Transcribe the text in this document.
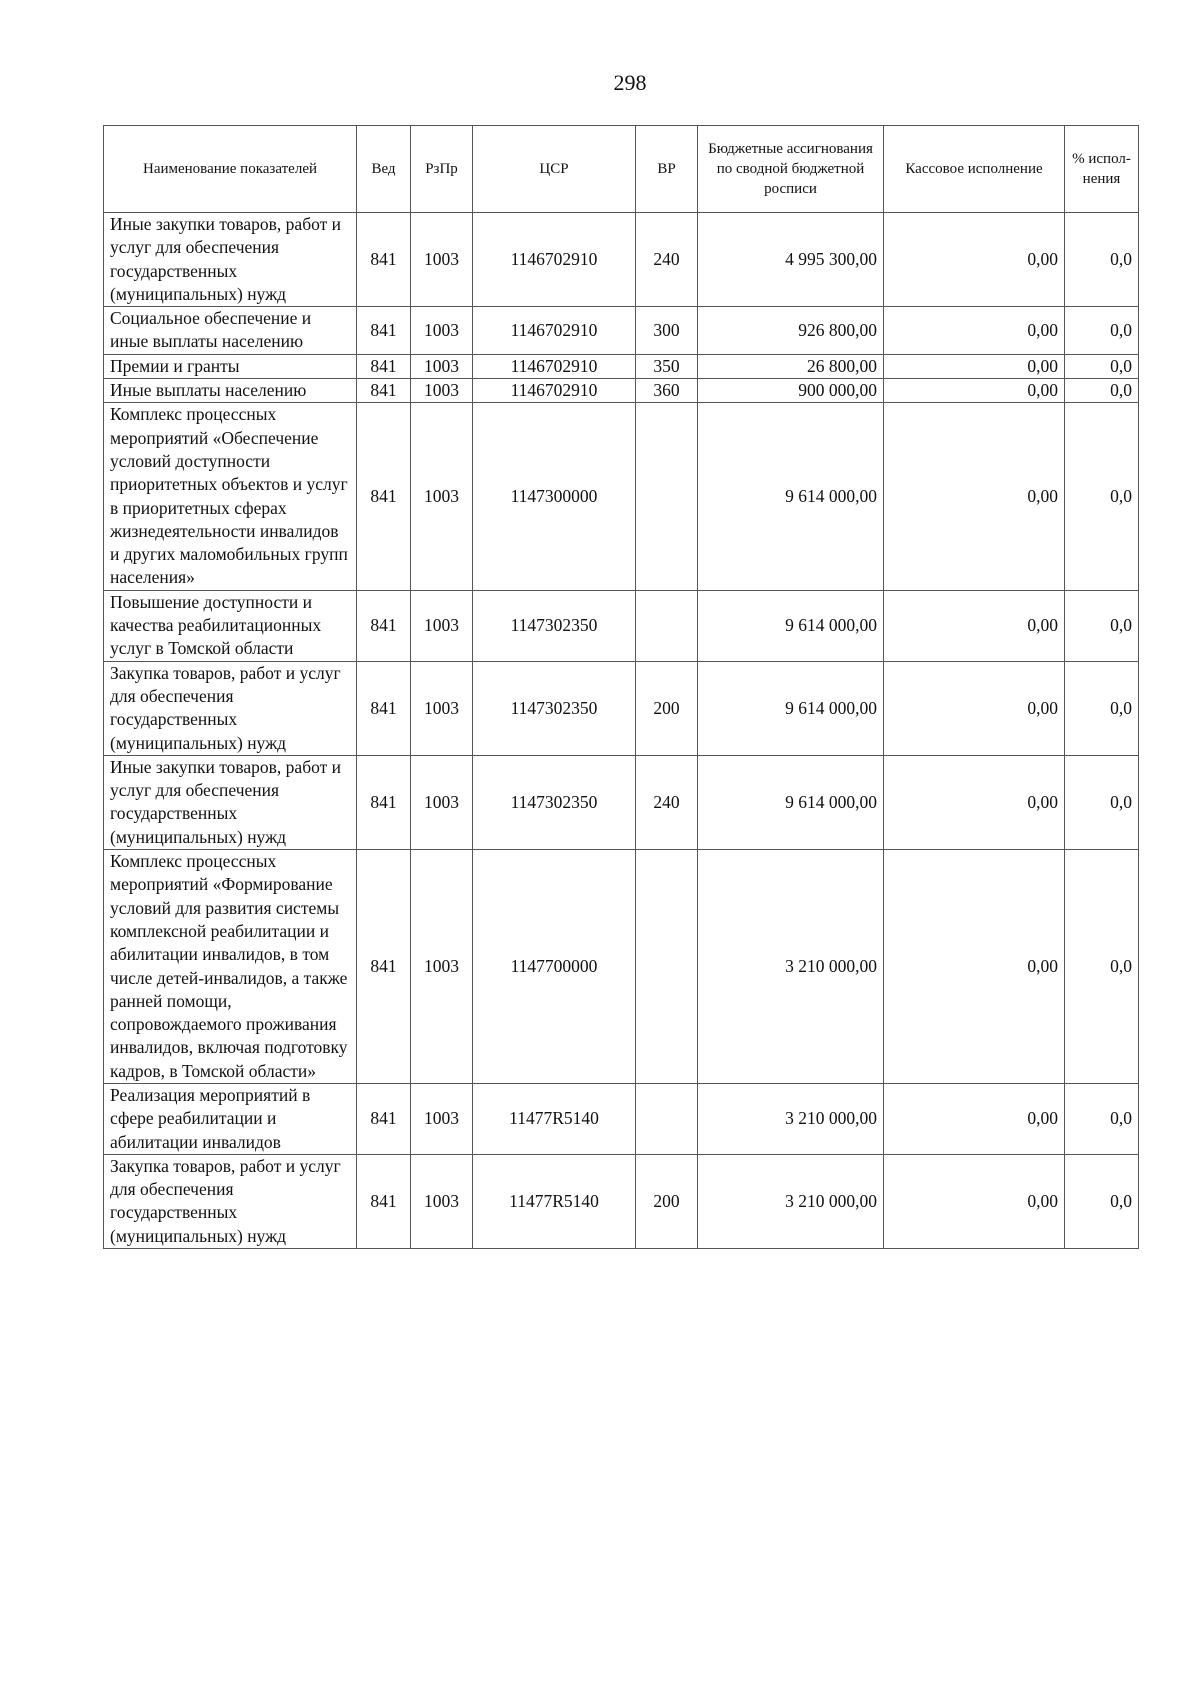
298
Наименование показателей	Вед	РзПр	ЦСР	ВР	Бюджетные ассигнования по сводной бюджетной росписи	Кассовое исполнение	% испол-нения
Иные закупки товаров, работ и услуг для обеспечения государственных (муниципальных) нужд	841	1003	1146702910	240	4 995 300,00	0,00	0,0
Социальное обеспечение и иные выплаты населению	841	1003	1146702910	300	926 800,00	0,00	0,0
Премии и гранты	841	1003	1146702910	350	26 800,00	0,00	0,0
Иные выплаты населению	841	1003	1146702910	360	900 000,00	0,00	0,0
Комплекс процессных мероприятий «Обеспечение условий доступности приоритетных объектов и услуг в приоритетных сферах жизнедеятельности инвалидов и других маломобильных групп населения»	841	1003	1147300000		9 614 000,00	0,00	0,0
Повышение доступности и качества реабилитационных услуг в Томской области	841	1003	1147302350		9 614 000,00	0,00	0,0
Закупка товаров, работ и услуг для обеспечения государственных (муниципальных) нужд	841	1003	1147302350	200	9 614 000,00	0,00	0,0
Иные закупки товаров, работ и услуг для обеспечения государственных (муниципальных) нужд	841	1003	1147302350	240	9 614 000,00	0,00	0,0
Комплекс процессных мероприятий «Формирование условий для развития системы комплексной реабилитации и абилитации инвалидов, в том числе детей-инвалидов, а также ранней помощи, сопровождаемого проживания инвалидов, включая подготовку кадров, в Томской области»	841	1003	1147700000		3 210 000,00	0,00	0,0
Реализация мероприятий в сфере реабилитации и абилитации инвалидов	841	1003	11477R5140		3 210 000,00	0,00	0,0
Закупка товаров, работ и услуг для обеспечения государственных (муниципальных) нужд	841	1003	11477R5140	200	3 210 000,00	0,00	0,0
